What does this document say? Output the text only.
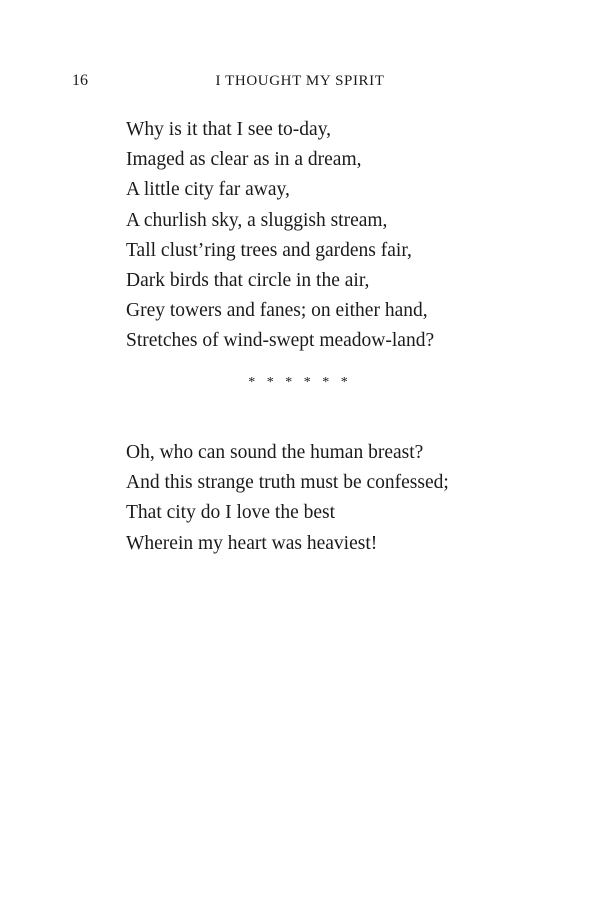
16	I THOUGHT MY SPIRIT
Why is it that I see to-day,
Imaged as clear as in a dream,
A little city far away,
A churlish sky, a sluggish stream,
Tall clust’ring trees and gardens fair,
Dark birds that circle in the air,
Grey towers and fanes; on either hand,
Stretches of wind-swept meadow-land?
* * * * * *
Oh, who can sound the human breast?
And this strange truth must be confessed;
That city do I love the best
Wherein my heart was heaviest!
